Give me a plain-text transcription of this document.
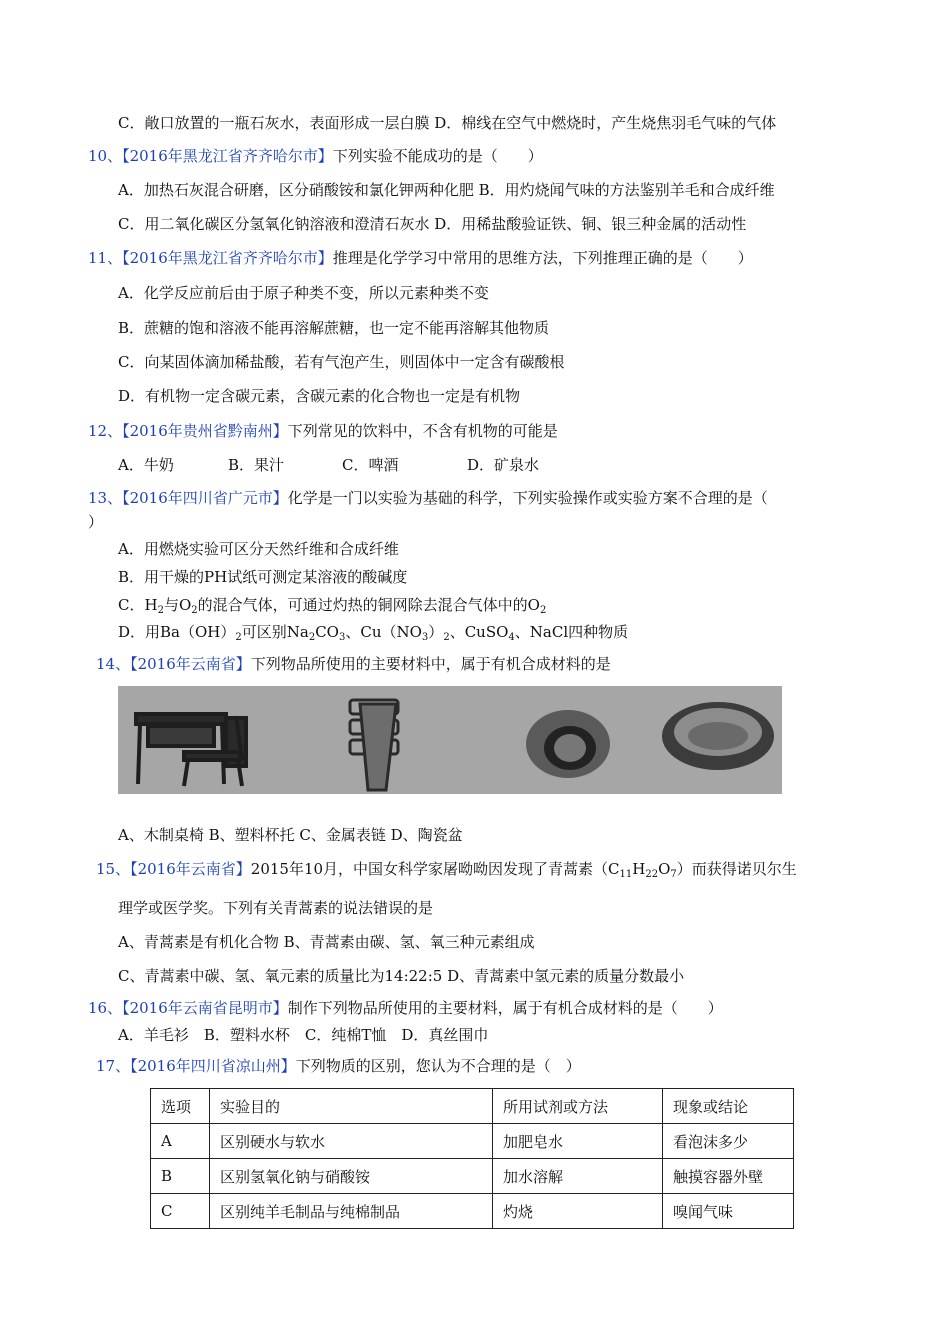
C．敞口放置的一瓶石灰水，表面形成一层白膜 D．棉线在空气中燃烧时，产生烧焦羽毛气味的气体
10、【2016年黑龙江省齐齐哈尔市】下列实验不能成功的是（　　）
A．加热石灰混合研磨，区分硝酸铵和氯化钾两种化肥 B．用灼烧闻气味的方法鉴别羊毛和合成纤维
C．用二氧化碳区分氢氧化钠溶液和澄清石灰水 D．用稀盐酸验证铁、铜、银三种金属的活动性
11、【2016年黑龙江省齐齐哈尔市】推理是化学学习中常用的思维方法，下列推理正确的是（　　）
A．化学反应前后由于原子种类不变，所以元素种类不变
B．蔗糖的饱和溶液不能再溶解蔗糖，也一定不能再溶解其他物质
C．向某固体滴加稀盐酸，若有气泡产生，则固体中一定含有碳酸根
D．有机物一定含碳元素，含碳元素的化合物也一定是有机物
12、【2016年贵州省黔南州】下列常见的饮料中，不含有机物的可能是
A．牛奶	B．果汁	C．啤酒	D．矿泉水
13、【2016年四川省广元市】化学是一门以实验为基础的科学，下列实验操作或实验方案不合理的是（
）
A．用燃烧实验可区分天然纤维和合成纤维
B．用干燥的PH试纸可测定某溶液的酸碱度
C．$H_2$与$O_2$的混合气体，可通过灼热的铜网除去混合气体中的$O_2$
D．用$Ba(OH)_2$可区别$Na_2CO_3$、$Cu(NO_3)_2$、CuSO$_4$、NaCl四种物质
14、【2016年云南省】下列物品所使用的主要材料中，属于有机合成材料的是
A、木制桌椅 B、塑料杯托 C、金属表链 D、陶瓷盆
15、【2016年云南省】2015年10月，中国女科学家屠呦呦因发现了青蒿素$(C_{11}H_{22}O_7)$而获得诺贝尔生
理学或医学奖。下列有关青蒿素的说法错误的是
A、青蒿素是有机化合物 B、青蒿素由碳、氢、氧三种元素组成
C、青蒿素中碳、氢、氧元素的质量比为14:22:5 D、青蒿素中氢元素的质量分数最小
16、【2016年云南省昆明市】制作下列物品所使用的主要材料，属于有机合成材料的是（　　）
A．羊毛衫　B．塑料水杯　C．纯棉T恤　D．真丝围巾
17、【2016年四川省凉山州】下列物质的区别，您认为不合理的是（　）
选项	实验目的	所用试剂或方法	现象或结论
A	区别硬水与软水	加肥皂水	看泡沫多少
B	区别氢氧化钠与硝酸铵	加水溶解	触摸容器外壁
C	区别纯羊毛制品与纯棉制品	灼烧	嗅闻气味
